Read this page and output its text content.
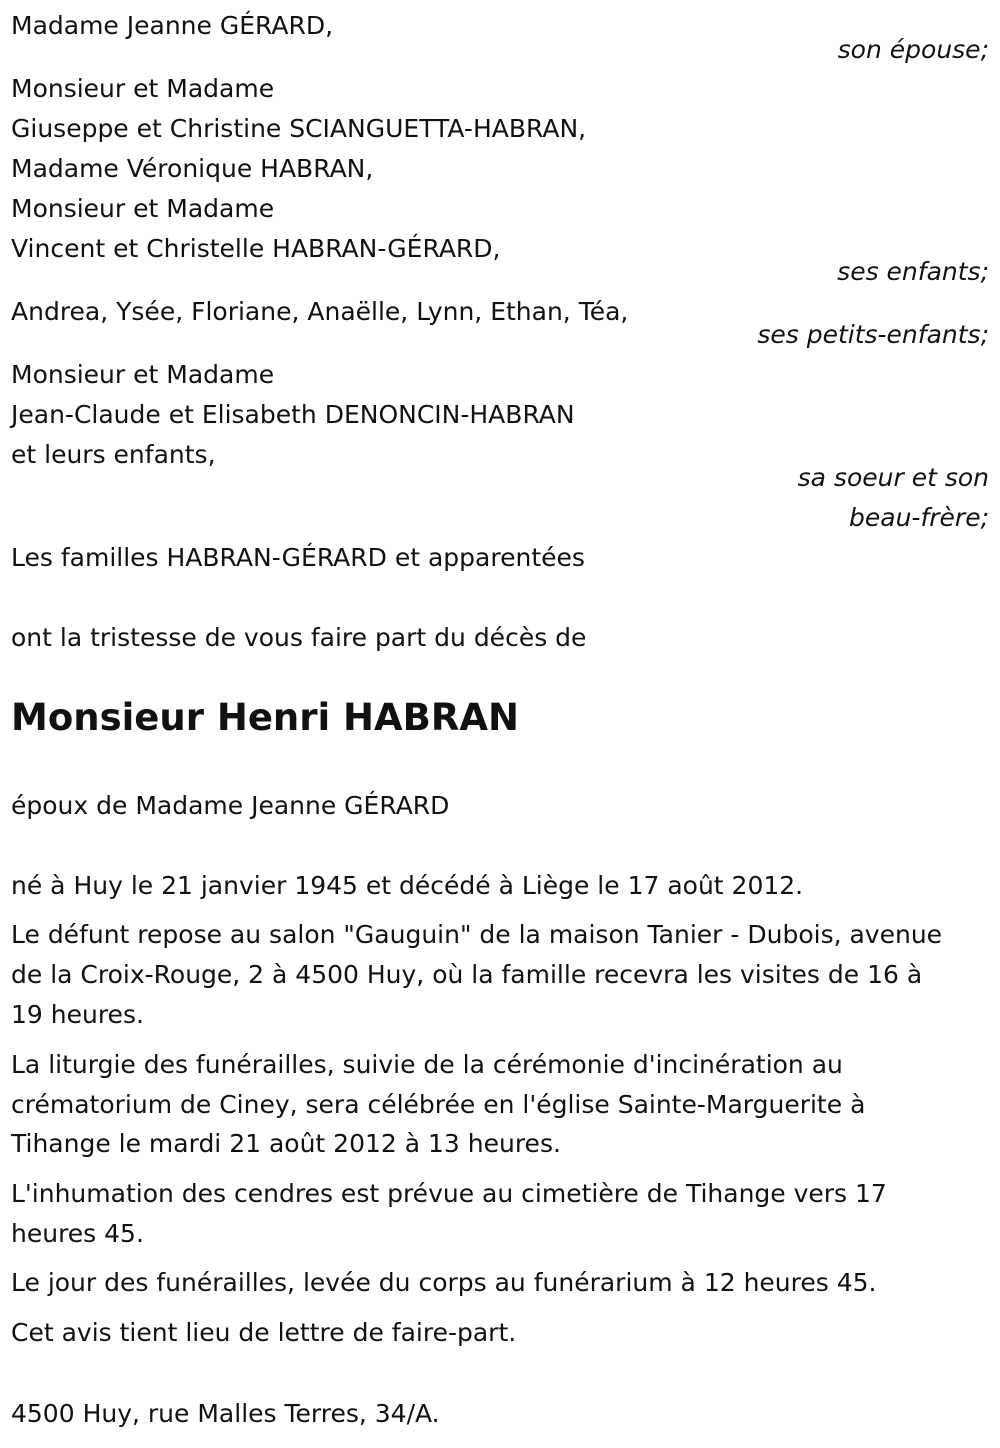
Madame Jeanne GÉRARD,
son épouse;
Monsieur et Madame
Giuseppe et Christine SCIANGUETTA-HABRAN,
Madame Véronique HABRAN,
Monsieur et Madame
Vincent et Christelle HABRAN-GÉRARD,
ses enfants;
Andrea, Ysée, Floriane, Anaëlle, Lynn, Ethan, Téa,
ses petits-enfants;
Monsieur et Madame
Jean-Claude et Elisabeth DENONCIN-HABRAN
et leurs enfants,
sa soeur et son
beau-frère;
Les familles HABRAN-GÉRARD et apparentées
ont la tristesse de vous faire part du décès de
Monsieur Henri HABRAN
époux de Madame Jeanne GÉRARD
né à Huy le 21 janvier 1945 et décédé à Liège le 17 août 2012.
Le défunt repose au salon "Gauguin" de la maison Tanier - Dubois, avenue
de la Croix-Rouge, 2 à 4500 Huy, où la famille recevra les visites de 16 à
19 heures.
La liturgie des funérailles, suivie de la cérémonie d'incinération au
crématorium de Ciney, sera célébrée en l'église Sainte-Marguerite à
Tihange le mardi 21 août 2012 à 13 heures.
L'inhumation des cendres est prévue au cimetière de Tihange vers 17
heures 45.
Le jour des funérailles, levée du corps au funérarium à 12 heures 45.
Cet avis tient lieu de lettre de faire-part.
4500 Huy, rue Malles Terres, 34/A.
